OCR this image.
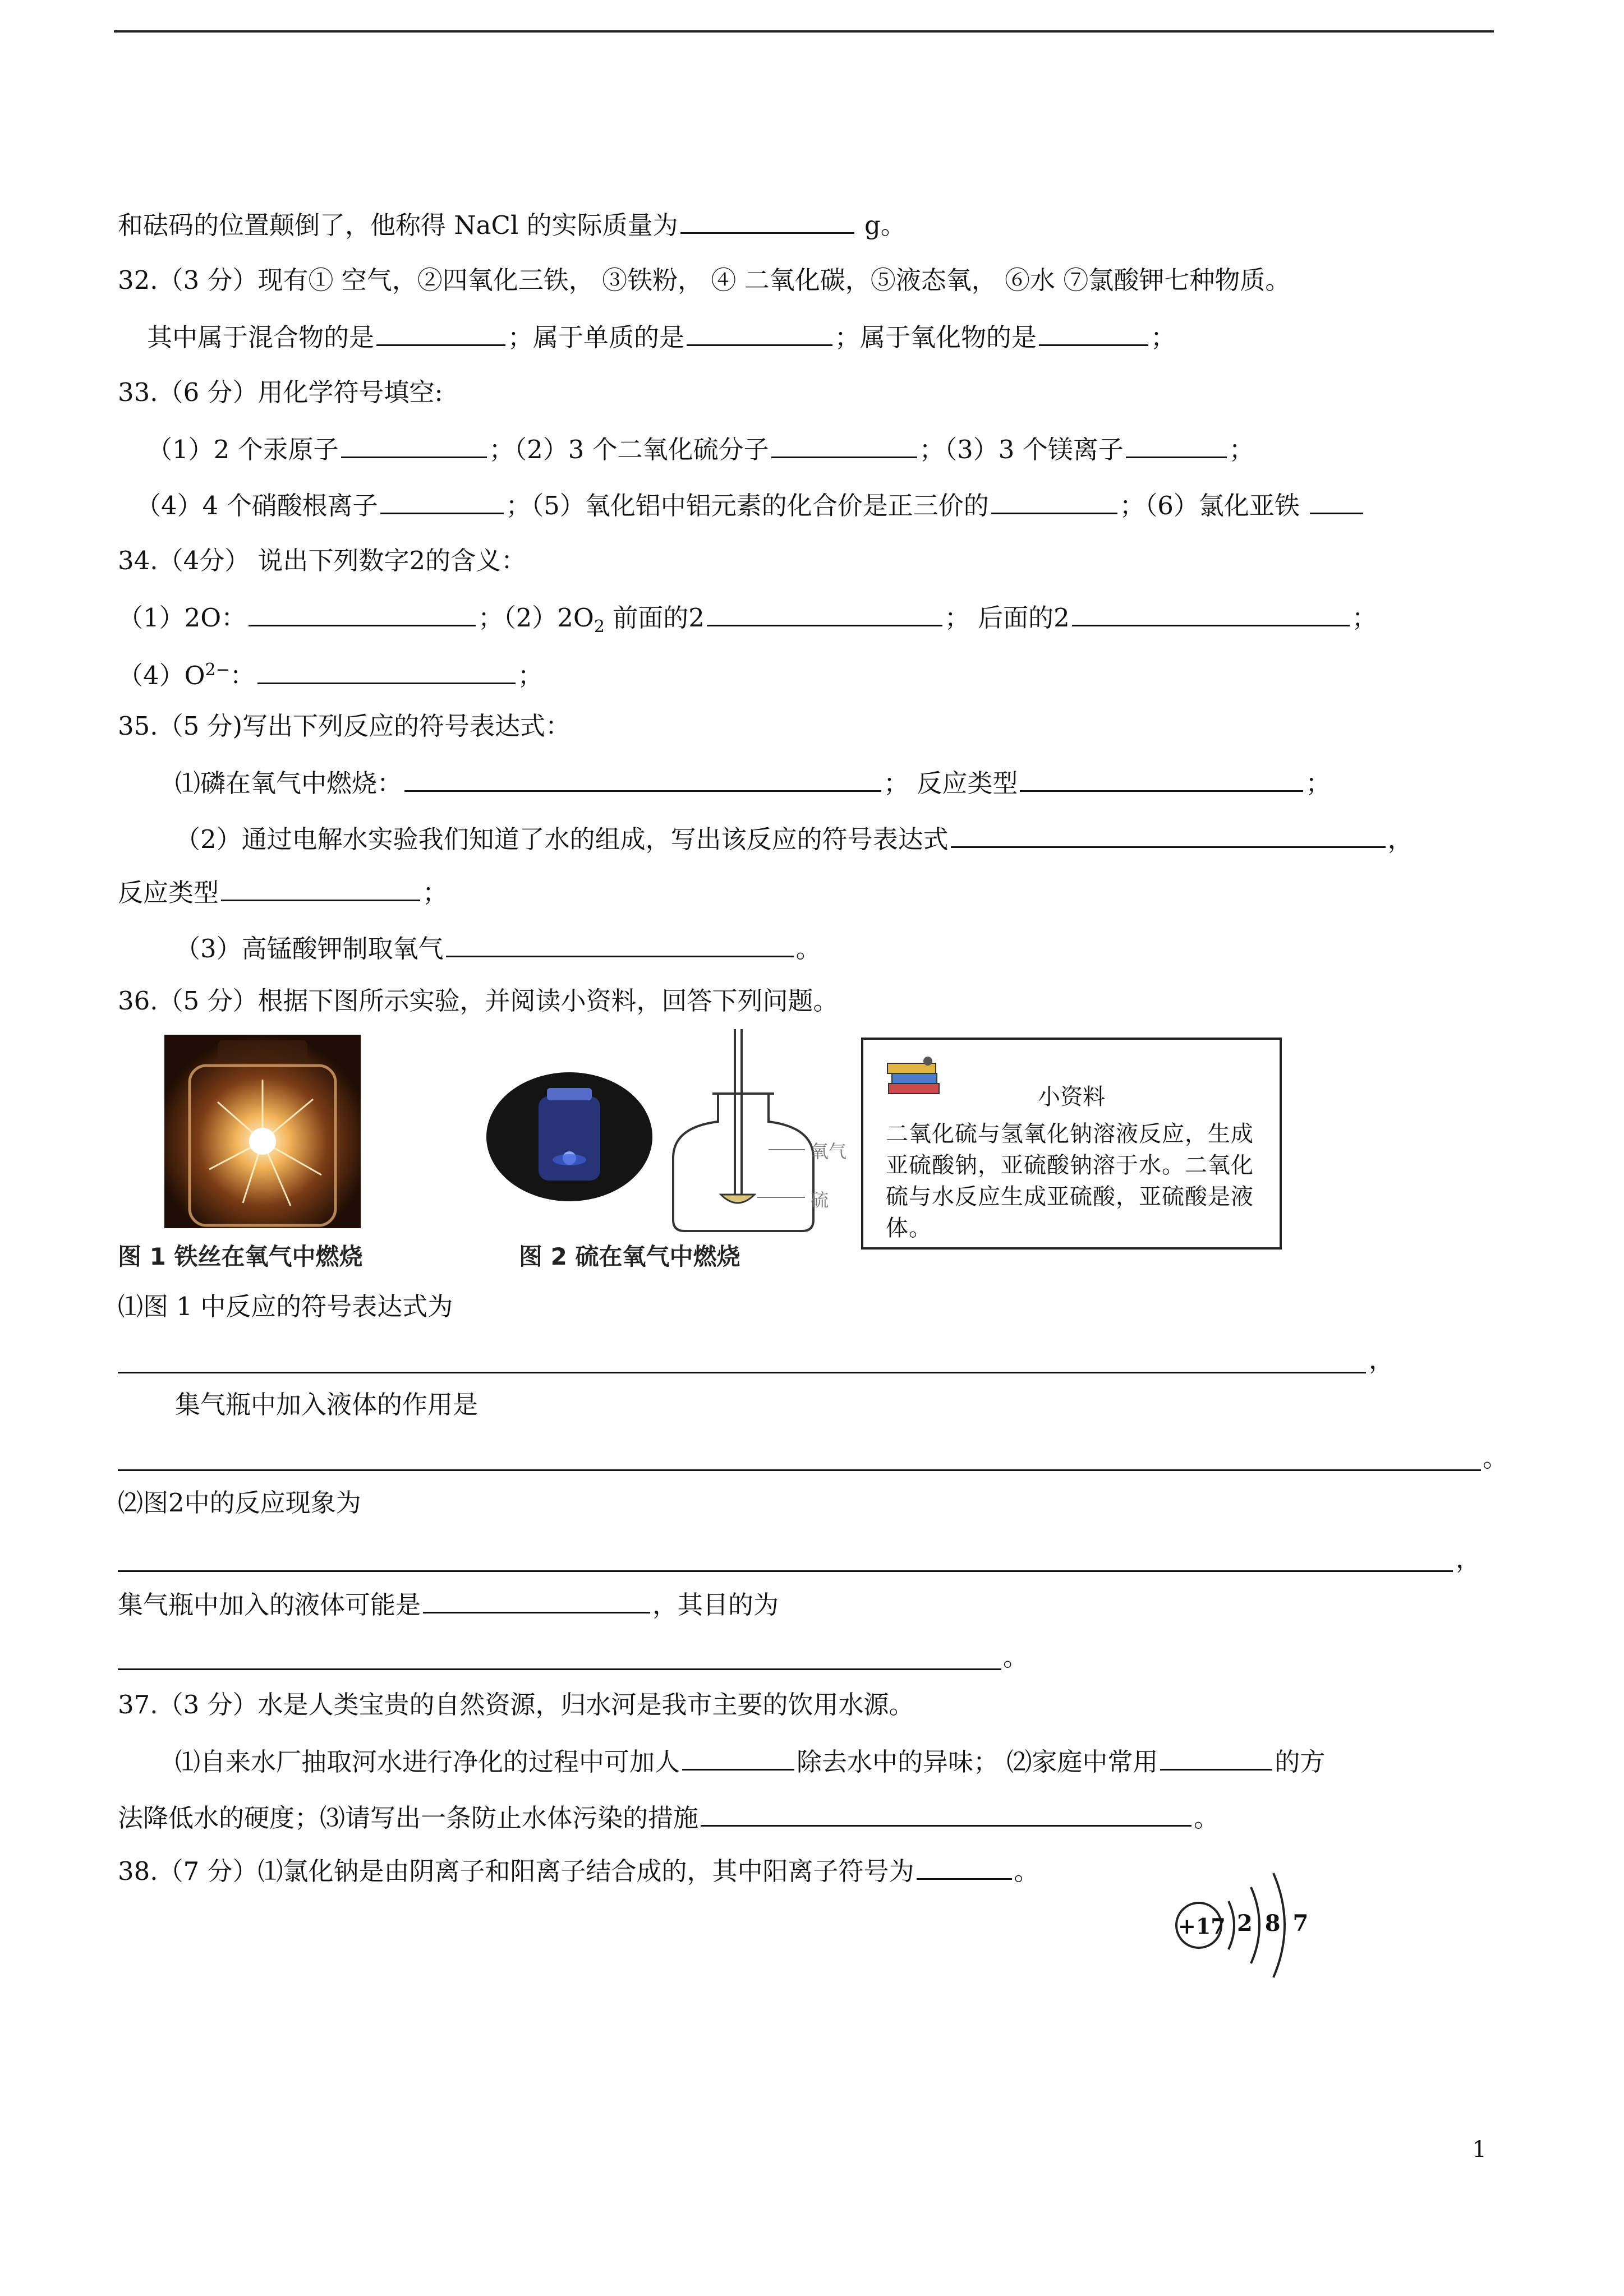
和砝码的位置颠倒了，他称得 NaCl 的实际质量为	g。
32.（3 分）现有① 空气，②四氧化三铁， ③铁粉， ④ 二氧化碳，⑤液态氧， ⑥水 ⑦氯酸钾七种物质。
其中属于混合物的是	；属于单质的是	；属于氧化物的是	；
33.（6 分）用化学符号填空:
（1）2 个汞原子	；（2）3 个二氧化硫分子	；（3）3 个镁离子	；
（4）4 个硝酸根离子	；（5）氧化铝中铝元素的化合价是正三价的	；（6）氯化亚铁
34.（4分） 说出下列数字2的含义：
（1）2O：	；$(2)2O_2$ 前面的2	； 后面的2	；
$(4)O^{2-}$：	；
35.（5 分)写出下列反应的符号表达式：
⑴磷在氧气中燃烧：	； 反应类型	；
（2）通过电解水实验我们知道了水的组成，写出该反应的符号表达式	，
反应类型	；
（3）高锰酸钾制取氧气	。
36.（5 分）根据下图所示实验，并阅读小资料，回答下列问题。
图 1 铁丝在氧气中燃烧
氧气
硫
图 2 硫在氧气中燃烧
小资料
二氧化硫与氢氧化钠溶液反应，生成亚硫酸钠，亚硫酸钠溶于水。二氧化硫与水反应生成亚硫酸，亚硫酸是液体。
⑴图 1 中反应的符号表达式为
，
集气瓶中加入液体的作用是
。
⑵图2中的反应现象为
，
集气瓶中加入的液体可能是	，其目的为
。
37.（3 分）水是人类宝贵的自然资源，归水河是我市主要的饮用水源。
⑴自来水厂抽取河水进行净化的过程中可加人	除去水中的异味； ⑵家庭中常用	的方
法降低水的硬度；⑶请写出一条防止水体污染的措施	。
38.（7 分）⑴氯化钠是由阴离子和阳离子结合成的，其中阳离子符号为	。
+17 2 8 7
1
